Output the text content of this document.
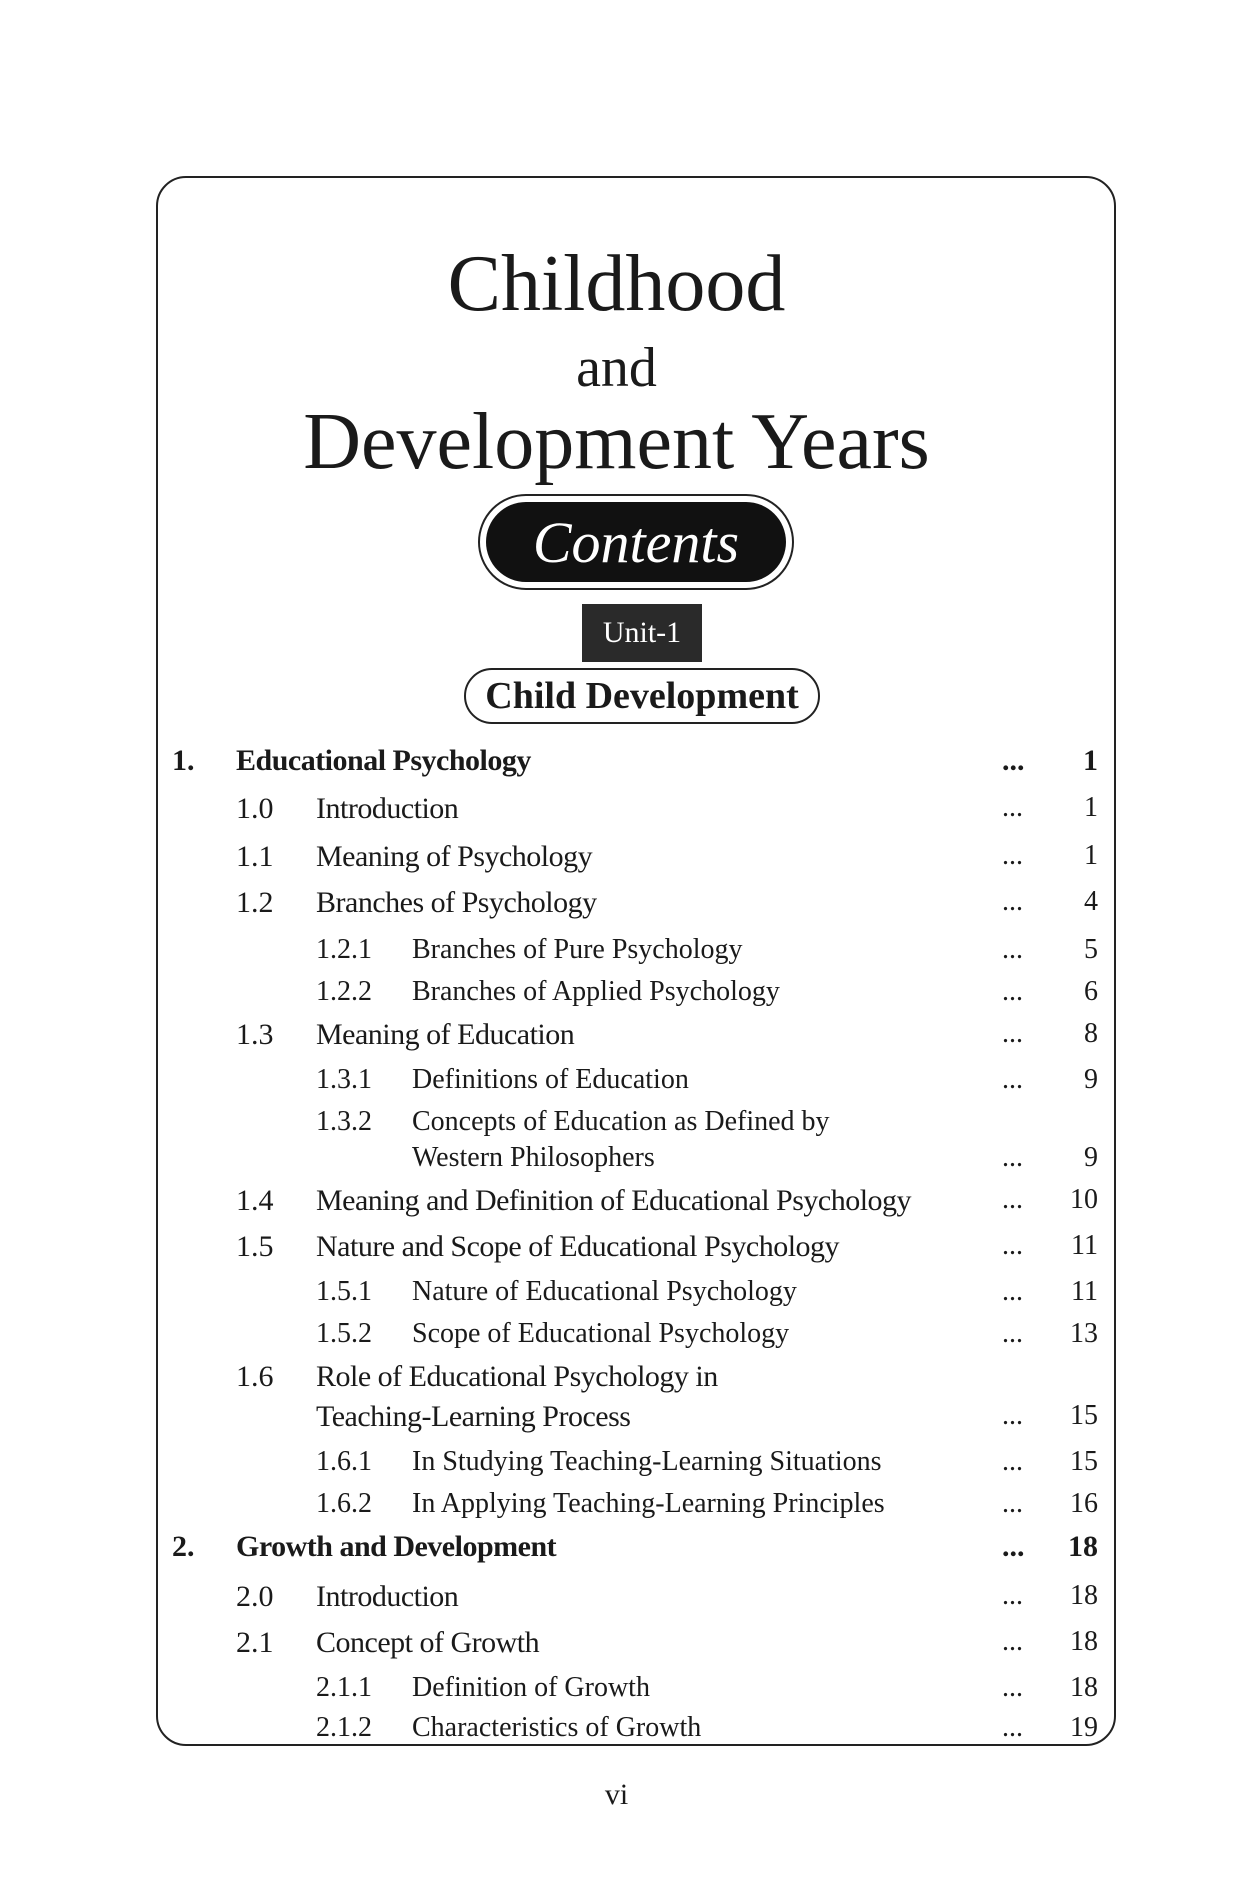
Childhood
and
Development Years
Contents
Unit-1
Child Development
1. Educational Psychology	... 1
1.0 Introduction	... 1
1.1 Meaning of Psychology	... 1
1.2 Branches of Psychology	... 4
1.2.1 Branches of Pure Psychology	... 5
1.2.2 Branches of Applied Psychology	... 6
1.3 Meaning of Education	... 8
1.3.1 Definitions of Education	... 9
1.3.2 Concepts of Education as Defined by
Western Philosophers	... 9
1.4 Meaning and Definition of Educational Psychology	... 10
1.5 Nature and Scope of Educational Psychology	... 11
1.5.1 Nature of Educational Psychology	... 11
1.5.2 Scope of Educational Psychology	... 13
1.6 Role of Educational Psychology in
Teaching-Learning Process	... 15
1.6.1 In Studying Teaching-Learning Situations	... 15
1.6.2 In Applying Teaching-Learning Principles	... 16
2. Growth and Development	... 18
2.0 Introduction	... 18
2.1 Concept of Growth	... 18
2.1.1 Definition of Growth	... 18
2.1.2 Characteristics of Growth	... 19
vi
